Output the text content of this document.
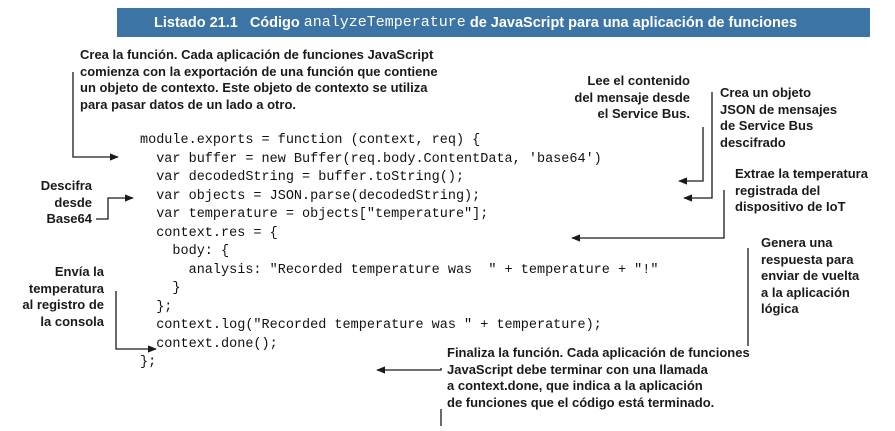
Listado 21.1 Código analyzeTemperature de JavaScript para una aplicación de funciones
Crea la función. Cada aplicación de funciones JavaScript
comienza con la exportación de una función que contiene
un objeto de contexto. Este objeto de contexto se utiliza
para pasar datos de un lado a otro.
Lee el contenido
del mensaje desde
el Service Bus.
Crea un objeto
JSON de mensajes
de Service Bus
descifrado
Descifra
desde
Base64
Extrae la temperatura
registrada del
dispositivo de IoT
Genera una
respuesta para
enviar de vuelta
a la aplicación
lógica
Envía la
temperatura
al registro de
la consola
Finaliza la función. Cada aplicación de funciones
JavaScript debe terminar con una llamada
a context.done, que indica a la aplicación
de funciones que el código está terminado.
module.exports = function (context, req) {
var buffer = new Buffer(req.body.ContentData, 'base64')
var decodedString = buffer.toString();
var objects = JSON.parse(decodedString);
var temperature = objects["temperature"];
context.res = {
body: {
analysis: "Recorded temperature was  " + temperature + "!"
}
};
context.log("Recorded temperature was " + temperature);
context.done();
};
